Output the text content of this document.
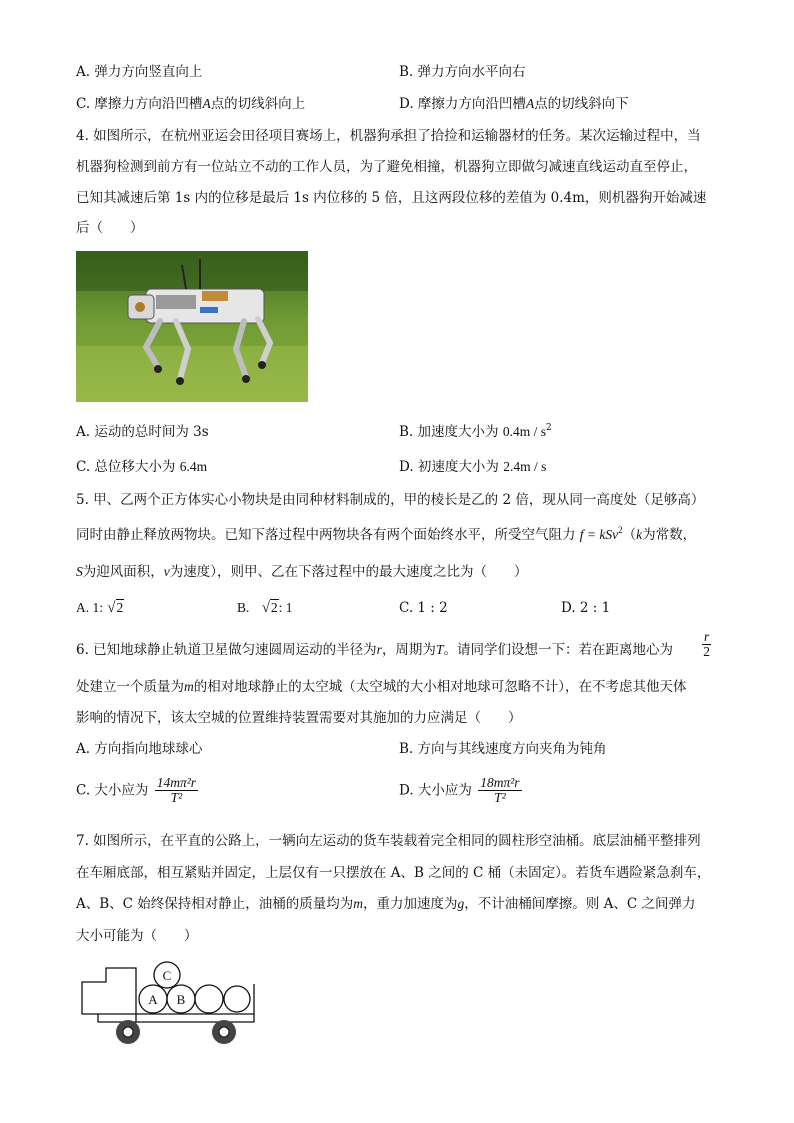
A. 弹力方向竖直向上	B. 弹力方向水平向右
C. 摩擦力方向沿凹槽A点的切线斜向上	D. 摩擦力方向沿凹槽A点的切线斜向下
4. 如图所示，在杭州亚运会田径项目赛场上，机器狗承担了拾捡和运输器材的任务。某次运输过程中，当
机器狗检测到前方有一位站立不动的工作人员，为了避免相撞，机器狗立即做匀减速直线运动直至停止，
已知其减速后第 1s 内的位移是最后 1s 内位移的 5 倍，且这两段位移的差值为 0.4m，则机器狗开始减速
后（　　）
A. 运动的总时间为 3s	B. 加速度大小为 $0.4m / s^2$
C. 总位移大小为 6.4m	D. 初速度大小为 2.4m / s
5. 甲、乙两个正方体实心小物块是由同种材料制成的，甲的棱长是乙的 2 倍，现从同一高度处（足够高）
同时由静止释放两物块。已知下落过程中两物块各有两个面始终水平，所受空气阻力 f = kSv$^2$（k为常数，
S为迎风面积，v为速度），则甲、乙在下落过程中的最大速度之比为（　　）
A. 1: √2	B. √2: 1	C. 1 : 2	D. 2 : 1
6. 已知地球静止轨道卫星做匀速圆周运动的半径为r，周期为T。请同学们设想一下：若在距离地心为 $\frac{r}{2}$
处建立一个质量为m的相对地球静止的太空城（太空城的大小相对地球可忽略不计），在不考虑其他天体
影响的情况下，该太空城的位置维持装置需要对其施加的力应满足（　　）
A. 方向指向地球球心	B. 方向与其线速度方向夹角为钝角
C. 大小应为 $\frac{\text{14mπ²r}}{\text{T²}}$	D. 大小应为 $\frac{\text{18mπ²r}}{\text{T²}}$
7. 如图所示，在平直的公路上，一辆向左运动的货车装载着完全相同的圆柱形空油桶。底层油桶平整排列
在车厢底部，相互紧贴并固定，上层仅有一只摆放在 A、B 之间的 C 桶（未固定）。若货车遇险紧急刹车，
A、B、C 始终保持相对静止，油桶的质量均为m，重力加速度为g，不计油桶间摩擦。则 A、C 之间弹力
大小可能为（　　）
A B
C
